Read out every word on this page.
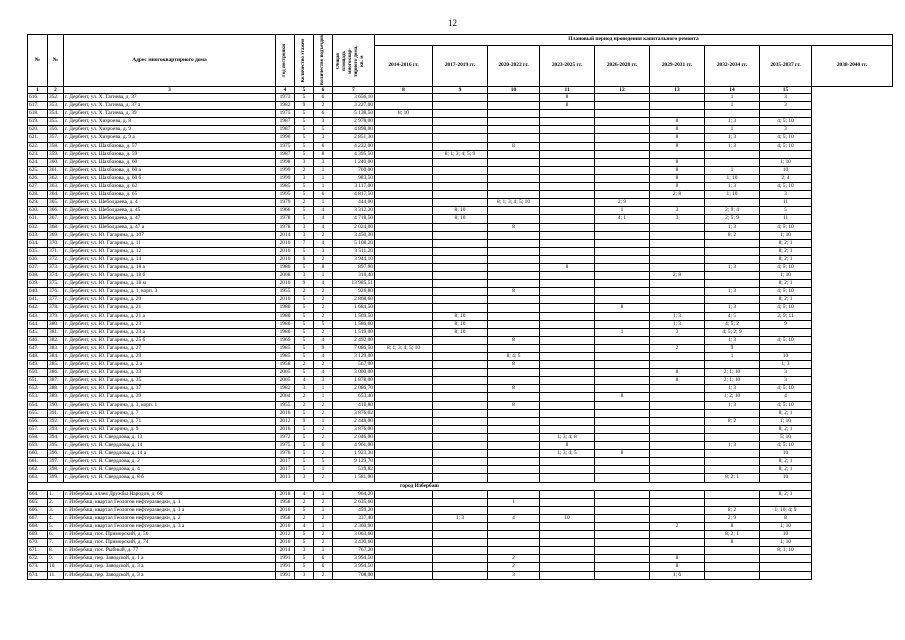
12
№	№	Адрес многоквартирного дома	Год постройки	Количество этажей	Количество подъездов	Общая площадь многоквар-тирного дома, кв. м	Плановый период проведения капитального ремонта								
							2014-2016 гг.	2017-2019 гг.	2020-2022 гг.	2023-2025 гг.	2026-2028 гг.	2029-2031 гг.	2032-2034 гг.	2035-2037 гг.	2038-2040 гг.
1	2	3	4	5	6	7	8	9	10	11	12	13	14	15	
616.	352.	г. Дербент, ул. Х. Тагиева, д. 37	1973	5	6	3 656,10				8			1	3	
617.	353.	г. Дербент, ул. Х. Тагиева, д. 37 а	1982	9	2	3 227,00				8			1	3	
618.	354.	г. Дербент, ул. Х. Тагиева, д. 39	1975	5	6	5 138,50	8; 10								
619.	355.	г. Дербент, ул. Хизроева, д. 8	1987	5	3	2 978,00						8	1; 3	4; 5; 10	
620.	356.	г. Дербент, ул. Хизроева, д. 9	1987	5	5	4 898,00						8	1	3	
621.	357.	г. Дербент, ул. Хизроева, д. 9 а	1990	5	3	2 851,30						8	1; 3	4; 5; 10	
622.	358.	г. Дербент, ул. Шахбазова, д. 57	1975	5	6	4 222,00			8			8	1; 3	4; 5; 10	
623.	359.	г. Дербент, ул. Шахбазова, д. 59	1987	5	8	4 395,50		8; 1; 3; 4; 5; 9							
624.	360.	г. Дербент, ул. Шахбазова, д. 60	1998	3	3	1 240,00						8		1; 10	
625.	361.	г. Дербент, ул. Шахбазова, д. 60 а	1999	2	1	760,00						8	1	10	
626.	362.	г. Дербент, ул. Шахбазова, д. 60 б	1999	3	1	983,50						8	1; 10	2; 4	
627.	363.	г. Дербент, ул. Шахбазова, д. 62	1985	5	1	3 117,00						8	1; 3	4; 5; 10	
628.	364.	г. Дербент, ул. Шахбазова, д. 65	1995	5	6	4 817,50						2; 8	1; 10	3	
629.	365.	г. Дербент, ул. Шеболдаева, д. 4	1979	2	1	444,00			8; 1; 3; 4; 5; 10		2; 9			11	
630.	366.	г. Дербент, ул. Шеболдаева, д. 45	1966	5	4	3 312,20		8; 10			1	3	2; 9; 4	5	
631.	367.	г. Дербент, ул. Шеболдаева, д. 47	1978	5	4	4 718,50		8; 10			4; 1	3	2; 5; 9	11	
632.	368.	г. Дербент, ул. Шеболдаева, д. 47 а	1978	3	4	2 024,00			8				1; 3	4; 5; 10	
633.	369.	г. Дербент, ул. Ю. Гагарина, д. 107	2014	3	2	3 450,30							8; 2	1; 10	
634.	370.	г. Дербент, ул. Ю. Гагарина, д. 11	2016	7	4	5 108,20								8; 2; 1	
635.	371.	г. Дербент, ул. Ю. Гагарина, д. 12	2016	5	3	3 511,20								8; 2; 1	
636.	372.	г. Дербент, ул. Ю. Гагарина, д. 14	2016	6	2	3 944,10								8; 2; 1	
637.	373.	г. Дербент, ул. Ю. Гагарина, д. 18 а	1986	5	8	897,90				8			1; 3	4; 5; 10	
638.	374.	г. Дербент, ул. Ю. Гагарина, д. 18 б	2008	3	1	310,40						2; 8		1; 10	
639.	375.	г. Дербент, ул. Ю. Гагарина, д. 18 м	2016	9	4	13 985,51								8; 2; 1	
640.	376.	г. Дербент, ул. Ю. Гагарина, д. 1, корп. 3	1955	2	2	926,80			8				1; 3	4; 5; 10	
641.	377.	г. Дербент, ул. Ю. Гагарина, д. 20	2016	5	2	2 868,60								8; 2; 1	
642.	378.	г. Дербент, ул. Ю. Гагарина, д. 21	1980	5	2	1 684,50					8		1; 3	4; 5; 10	
643.	379.	г. Дербент, ул. Ю. Гагарина, д. 21 а	1980	5	2	1 569,50		8; 10				1; 3	4; 5	2; 9; 11	
644.	380.	г. Дербент, ул. Ю. Гагарина, д. 23	1986	5	5	1 586,60		8; 10				1; 3	4; 5; 2	9	
645.	381.	г. Дербент, ул. Ю. Гагарина, д. 23 а	1986	5	2	1 519,00		8; 10			1	3	4; 5; 2; 9		
646.	382.	г. Дербент, ул. Ю. Гагарина, д. 25 б	1969	5	4	2 492,00			8				1; 3	4; 5; 10	
647.	383.	г. Дербент, ул. Ю. Гагарина, д. 27	1985	5	9	7 086,50	8; 1; 3; 4; 5; 10					2	9		
648.	384.	г. Дербент, ул. Ю. Гагарина, д. 29	1985	5	4	3 129,00			8; 4; 5				1	10	
649.	385.	г. Дербент, ул. Ю. Гагарина, д. 2 а	1958	2	2	567,00			8					1; 3	
650.	386.	г. Дербент, ул. Ю. Гагарина, д. 33	2005	5	4	3 000,00						8	2; 1; 10	3	
651.	387.	г. Дербент, ул. Ю. Гагарина, д. 35	2005	4	3	1 878,00						8	2; 1; 10	3	
652.	388.	г. Дербент, ул. Ю. Гагарина, д. 37	1982	3	1	2 086,70			8				1; 3	4; 5; 10	
653.	389.	г. Дербент, ул. Ю. Гагарина, д. 39	2004	2	1	653,40					8		1; 2; 10	4	
654.	390.	г. Дербент, ул. Ю. Гагарина, д. 3, корп. 1	1955	2	2	410,80			8				1; 3	4; 5; 10	
655.	391.	г. Дербент, ул. Ю. Гагарина, д. 7	2016	5	2	3 876,02								8; 2; 1	
656.	392.	г. Дербент, ул. Ю. Гагарина, д. 71	2012	9	1	2 448,00							8; 2	1; 10	
657.	393.	г. Дербент, ул. Ю. Гагарина, д. 9	2016	5	2	3 876,00								8; 2; 1	
658.	394.	г. Дербент, ул. Я. Свердлова, д. 13	1972	5	2	2 046,00				1; 3; 4; 8				5; 10	
659.	395.	г. Дербент, ул. Я. Свердлова, д. 14	1975	5	6	4 961,00				8			1; 3	4; 5; 10	
660.	396.	г. Дербент, ул. Я. Свердлова, д. 14 а	1976	5	2	1 923,30				1; 3; 4; 5	8			10	
661.	397.	г. Дербент, ул. Я. Свердлова, д. 2	2017	5	5	9 129,70								8; 2; 1	
662.	398.	г. Дербент, ул. Я. Свердлова, д. 4	2017	5	1	539,82								8; 2; 1	
663.	399.	г. Дербент, ул. Я. Свердлова, д. 8 б	2013	3	2	1 581,00							8; 2; 1	10	
город Избербаш															
664.	1.	г. Избербаш, аллея Дружбы Народов, д. 60	2018	4	1	964,20								8; 2; 1	
665.	2.	г. Избербаш, квартал Геологов нефтеразведки, д. 1	1958	2	2	2 635,60			1						
666.	3.	г. Избербаш, квартал Геологов нефтеразведки, д. 1 а	2010	5	1	459,20							8; 2	1; 10; 4; 9	
667.	4.	г. Избербаш, квартал Геологов нефтеразведки, д. 2	1958	2	2	337,40		1; 3	4	10			2; 9	8	
668.	5.	г. Избербаш, квартал Геологов нефтеразведки, д. 3 а	2010	4	1	2 360,90						2	8	1; 10	
669.	6.	г. Избербаш, пос. Приморский, д. 56	2012	5	2	3 063,60							8; 2; 1	10	
670.	7.	г. Избербаш, пос. Приморский, д. 74	2010	5	2	3 430,60							8	1; 10	
671.	8.	г. Избербаш, пос. Рыбный, д. 77	2014	3	1	767,20								8; 1; 10	
672.	9.	г. Избербаш, пер. Заводской, д. 1 а	1991	5	6	3 994,50			2			8			
673.	10.	г. Избербаш, пер. Заводской, д. 3 а	1991	5	6	3 994,50			2			8			
674.	11.	г. Избербаш, пер. Заводской, д. 3 а	1991	3	2	708,00			3			1; 6			
